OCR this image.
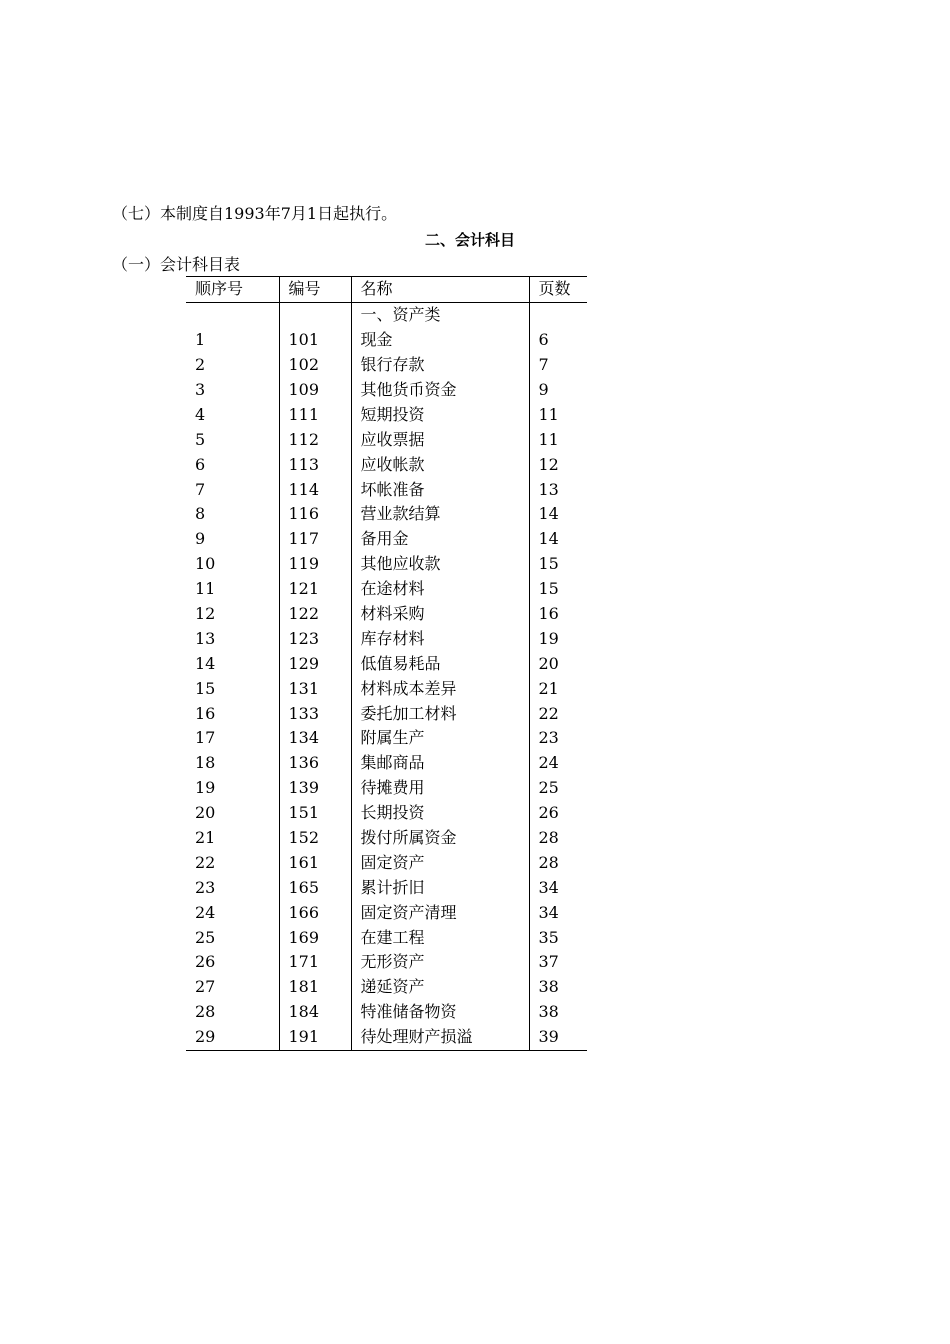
（七）本制度自1993年7月1日起执行。
二、会计科目
（一）会计科目表
顺序号	编号	名称	页数
		一、资产类	
1	101	现金	6
2	102	银行存款	7
3	109	其他货币资金	9
4	111	短期投资	11
5	112	应收票据	11
6	113	应收帐款	12
7	114	坏帐准备	13
8	116	营业款结算	14
9	117	备用金	14
10	119	其他应收款	15
11	121	在途材料	15
12	122	材料采购	16
13	123	库存材料	19
14	129	低值易耗品	20
15	131	材料成本差异	21
16	133	委托加工材料	22
17	134	附属生产	23
18	136	集邮商品	24
19	139	待摊费用	25
20	151	长期投资	26
21	152	拨付所属资金	28
22	161	固定资产	28
23	165	累计折旧	34
24	166	固定资产清理	34
25	169	在建工程	35
26	171	无形资产	37
27	181	递延资产	38
28	184	特准储备物资	38
29	191	待处理财产损溢	39
